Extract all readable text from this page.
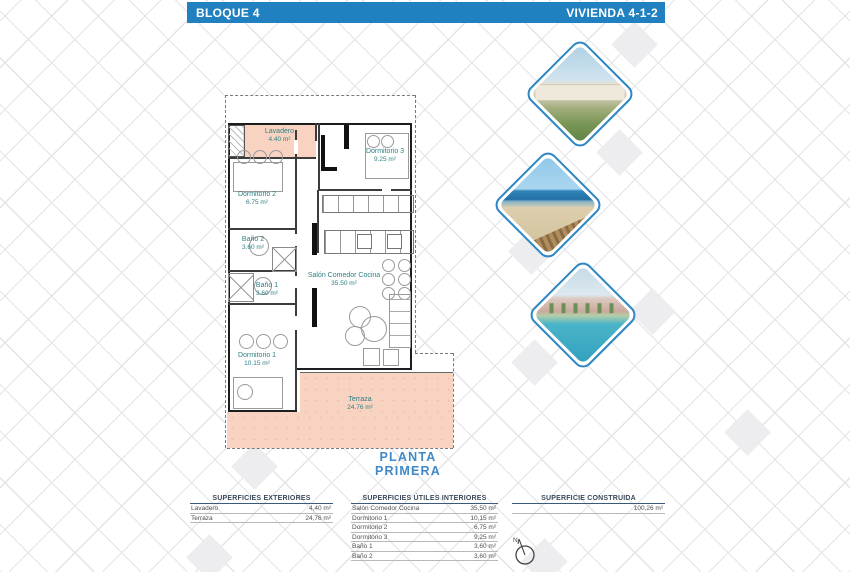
BLOQUE 4	VIVIENDA 4-1-2
Lavadero
4.40 m²
Dormitorio 2
6.75 m²
Baño 2
3.60 m²
Baño 1
3.60 m²
Dormitorio 1
10.15 m²
Dormitorio 3
9.25 m²
Salón Comedor Cocina
35.50 m²
Terraza
24.76 m²
PLANTA PRIMERA
N
SUPERFICIES EXTERIORES
Lavadero	4,40 m²
Terraza	24,76 m²
SUPERFICIES ÚTILES INTERIORES
Salón Comedor Cocina	35,50 m²
Dormitorio 1	10,15 m²
Dormitorio 2	6,75 m²
Dormitorio 3	9,25 m²
Baño 1	3,60 m²
Baño 2	3,60 m²
SUPERFICIE CONSTRUIDA
100,26 m²
